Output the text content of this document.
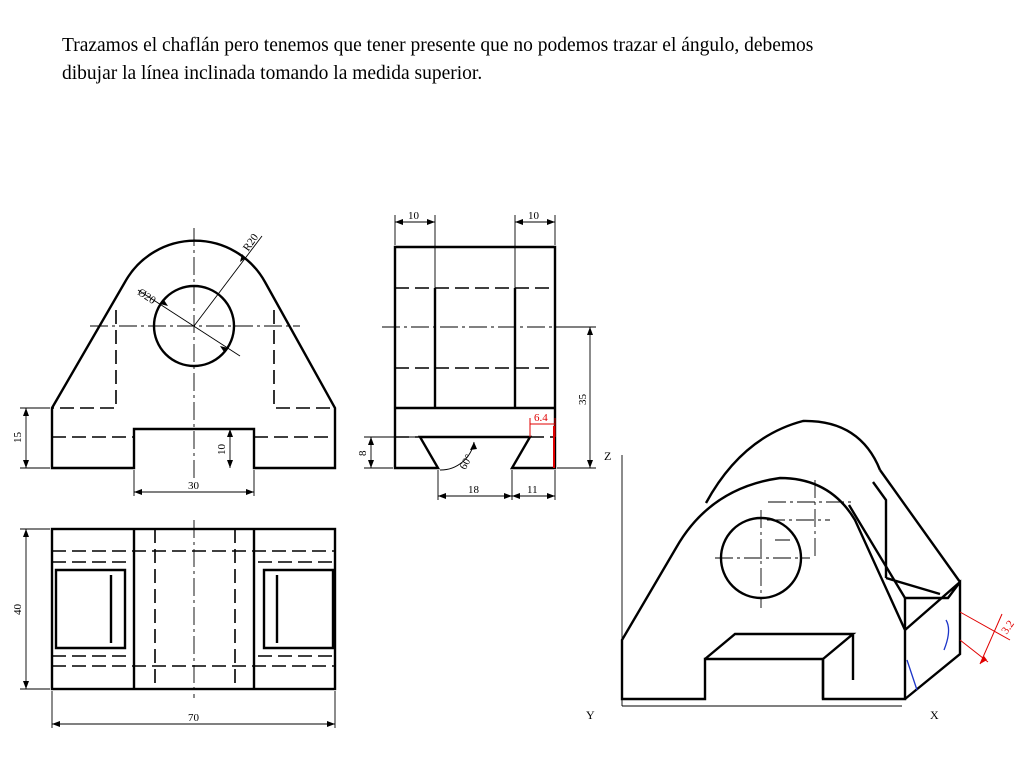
Trazamos el chaflán pero tenemos que tener presente que no podemos trazar el ángulo, debemos

dibujar la línea inclinada tomando la medida superior.

R20
Ø20
15
10
30
40
70
10	10
35
8	60°
18	11
6.4
Z
Y	X
3.2
